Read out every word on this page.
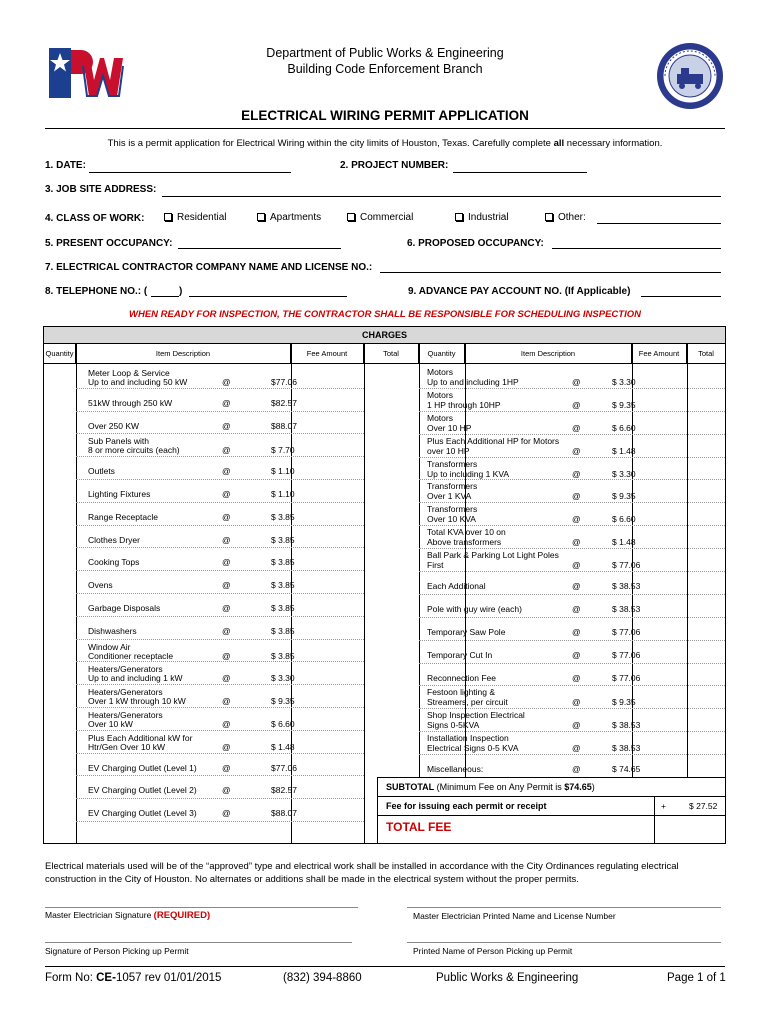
Department of Public Works & Engineering
Building Code Enforcement Branch
ELECTRICAL WIRING PERMIT APPLICATION
This is a permit application for Electrical Wiring within the city limits of Houston, Texas. Carefully complete all necessary information.
1. DATE:	2. PROJECT NUMBER:
3. JOB SITE ADDRESS:
4. CLASS OF WORK:	Residential	Apartments	Commercial	Industrial	Other:
5. PRESENT OCCUPANCY:	6. PROPOSED OCCUPANCY:
7. ELECTRICAL CONTRACTOR COMPANY NAME AND LICENSE NO.:
8. TELEPHONE NO.: (	)	9. ADVANCE PAY ACCOUNT NO. (If Applicable)
WHEN READY FOR INSPECTION, THE CONTRACTOR SHALL BE RESPONSIBLE FOR SCHEDULING INSPECTION
CHARGES
Quantity	Item Description	Fee Amount	Total	Quantity	Item Description	Fee Amount	Total
Meter Loop & Service
Up to and including 50 kW	@	$77.06
51kW through 250 kW	@	$82.57
Over 250 KW	@	$88.07
Sub Panels with
8 or more circuits (each)	@	$ 7.70
Outlets	@	$ 1.10
Lighting Fixtures	@	$ 1.10
Range Receptacle	@	$ 3.85
Clothes Dryer	@	$ 3.85
Cooking Tops	@	$ 3.85
Ovens	@	$ 3.85
Garbage Disposals	@	$ 3.85
Dishwashers	@	$ 3.85
Window Air
Conditioner receptacle	@	$ 3.85
Heaters/Generators
Up to and including 1 kW	@	$ 3.30
Heaters/Generators
Over 1 kW through 10 kW	@	$ 9.35
Heaters/Generators
Over 10 kW	@	$ 6.60
Plus Each Additional kW for
Htr/Gen Over 10 kW	@	$ 1.48
EV Charging Outlet (Level 1)	@	$77.06
EV Charging Outlet (Level 2)	@	$82.57
EV Charging Outlet (Level 3)	@	$88.07
Motors
Up to and including 1HP	@	$ 3.30
Motors
1 HP through 10HP	@	$ 9.35
Motors
Over 10 HP	@	$ 6.60
Plus Each Additional HP for Motors
over 10 HP	@	$ 1.48
Transformers
Up to including 1 KVA	@	$ 3.30
Transformers
Over 1 KVA	@	$ 9.35
Transformers
Over 10 KVA	@	$ 6.60
Total KVA over 10 on
Above transformers	@	$ 1.48
Ball Park & Parking Lot Light Poles
First	@	$ 77.06
Each Additional	@	$ 38.53
Pole with guy wire (each)	@	$ 38.53
Temporary Saw Pole	@	$ 77.06
Temporary Cut In	@	$ 77.06
Reconnection Fee	@	$ 77.06
Festoon lighting &
Streamers, per circuit	@	$ 9.35
Shop Inspection Electrical
Signs 0-5KVA	@	$ 38.53
Installation Inspection
Electrical Signs 0-5 KVA	@	$ 38.53
Miscellaneous:	@	$ 74.65
SUBTOTAL (Minimum Fee on Any Permit is $74.65)
Fee for issuing each permit or receipt	+	$ 27.52
TOTAL FEE
Electrical materials used will be of the “approved” type and electrical work shall be installed in accordance with the City Ordinances regulating electrical construction in the City of Houston. No alternates or additions shall be made in the electrical system without the proper permits.
Master Electrician Signature (REQUIRED)	Master Electrician Printed Name and License Number
Signature of Person Picking up Permit	Printed Name of Person Picking up Permit
Form No: CE-1057 rev 01/01/2015	(832) 394-8860	Public Works & Engineering	Page 1 of 1
